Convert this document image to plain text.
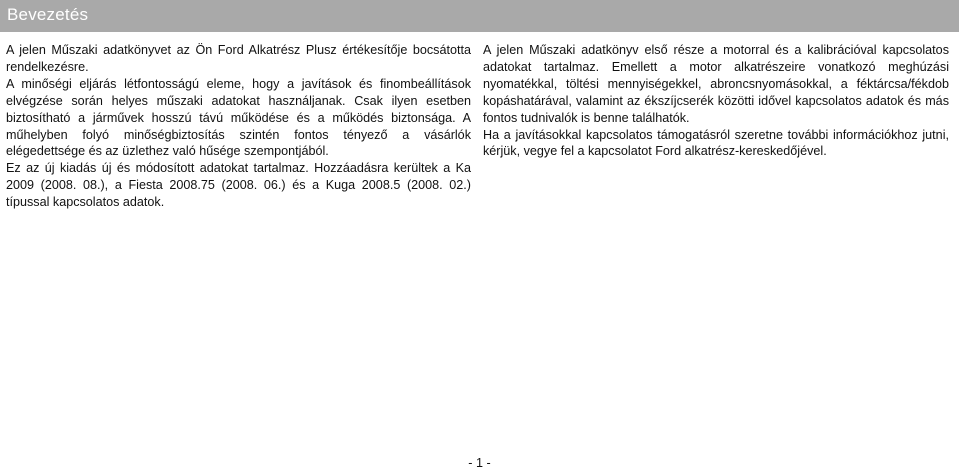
Bevezetés

A jelen Műszaki adatkönyvet az Ön Ford Alkatrész Plusz értékesítője bocsátotta rendelkezésre.

A minőségi eljárás létfontosságú eleme, hogy a javítások és finombeállítások elvégzése során helyes műszaki adatokat használjanak. Csak ilyen esetben biztosítható a járművek hosszú távú működése és a működés biztonsága. A műhelyben folyó minőségbiztosítás szintén fontos tényező a vásárlók elégedettsége és az üzlethez való hűsége szempontjából.

Ez az új kiadás új és módosított adatokat tartalmaz. Hozzáadásra kerültek a Ka 2009 (2008. 08.), a Fiesta 2008.75 (2008. 06.) és a Kuga 2008.5 (2008. 02.) típussal kapcsolatos adatok.

A jelen Műszaki adatkönyv első része a motorral és a kalibrációval kapcsolatos adatokat tartalmaz. Emellett a motor alkatrészeire vonatkozó meghúzási nyomatékkal, töltési mennyiségekkel, abroncsnyomásokkal, a féktárcsa/fékdob kopáshatárával, valamint az ékszíjcserék közötti idővel kapcsolatos adatok és más fontos tudnivalók is benne találhatók.

Ha a javításokkal kapcsolatos támogatásról szeretne további információkhoz jutni, kérjük, vegye fel a kapcsolatot Ford alkatrész-kereskedőjével.

- 1 -
